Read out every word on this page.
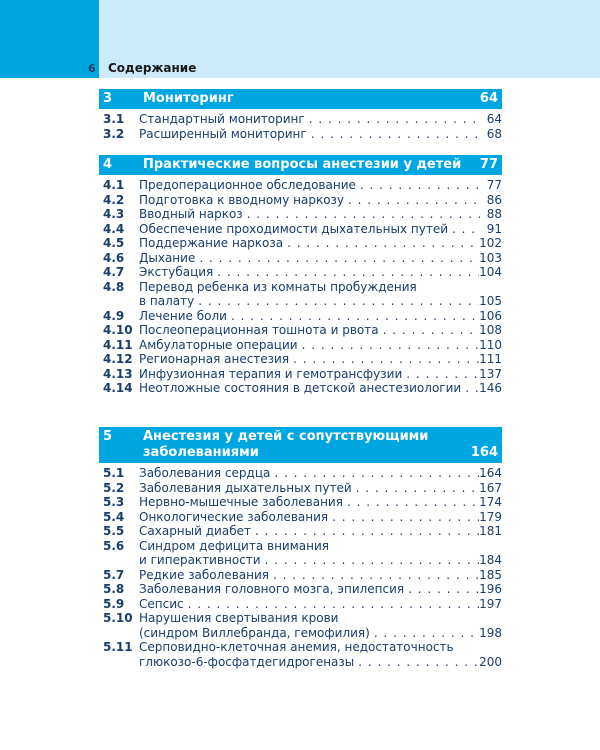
6 Содержание
3	Мониторинг	64
3.1	Стандартный мониторинг . . .	64
3.2	Расширенный мониторинг . . .	68
4	Практические вопросы анестезии у детей	77
4.1	Предоперационное обследование . . .	77
4.2	Подготовка к вводному наркозу . . .	86
4.3	Вводный наркоз . . .	88
4.4	Обеспечение проходимости дыхательных путей . . .	91
4.5	Поддержание наркоза . . .	102
4.6	Дыхание . . .	103
4.7	Экстубация . . .	104
4.8	Перевод ребенка из комнаты пробуждения
в палату . . .	105
4.9	Лечение боли . . .	106
4.10 Послеоперационная тошнота и рвота . . .	108
4.11 Амбулаторные операции . . .	110
4.12 Регионарная анестезия . . .	111
4.13 Инфузионная терапия и гемотрансфузии . . .	137
4.14 Неотложные состояния в детской анестезиологии . . . 146
5	Анестезия у детей с сопутствующими
заболеваниями	164
5.1	Заболевания сердца . . .	164
5.2	Заболевания дыхательных путей . . .	167
5.3	Нервно-мышечные заболевания . . .	174
5.4	Онкологические заболевания . . .	179
5.5	Сахарный диабет . . .	181
5.6	Синдром дефицита внимания
и гиперактивности . . .	184
5.7	Редкие заболевания . . .	185
5.8	Заболевания головного мозга, эпилепсия . . .	196
5.9	Сепсис . . .	197
5.10 Нарушения свертывания крови
(синдром Виллебранда, гемофилия) . . .	198
5.11 Серповидно-клеточная анемия, недостаточность
глюкозо-6-фосфатдегидрогеназы . . .	200
